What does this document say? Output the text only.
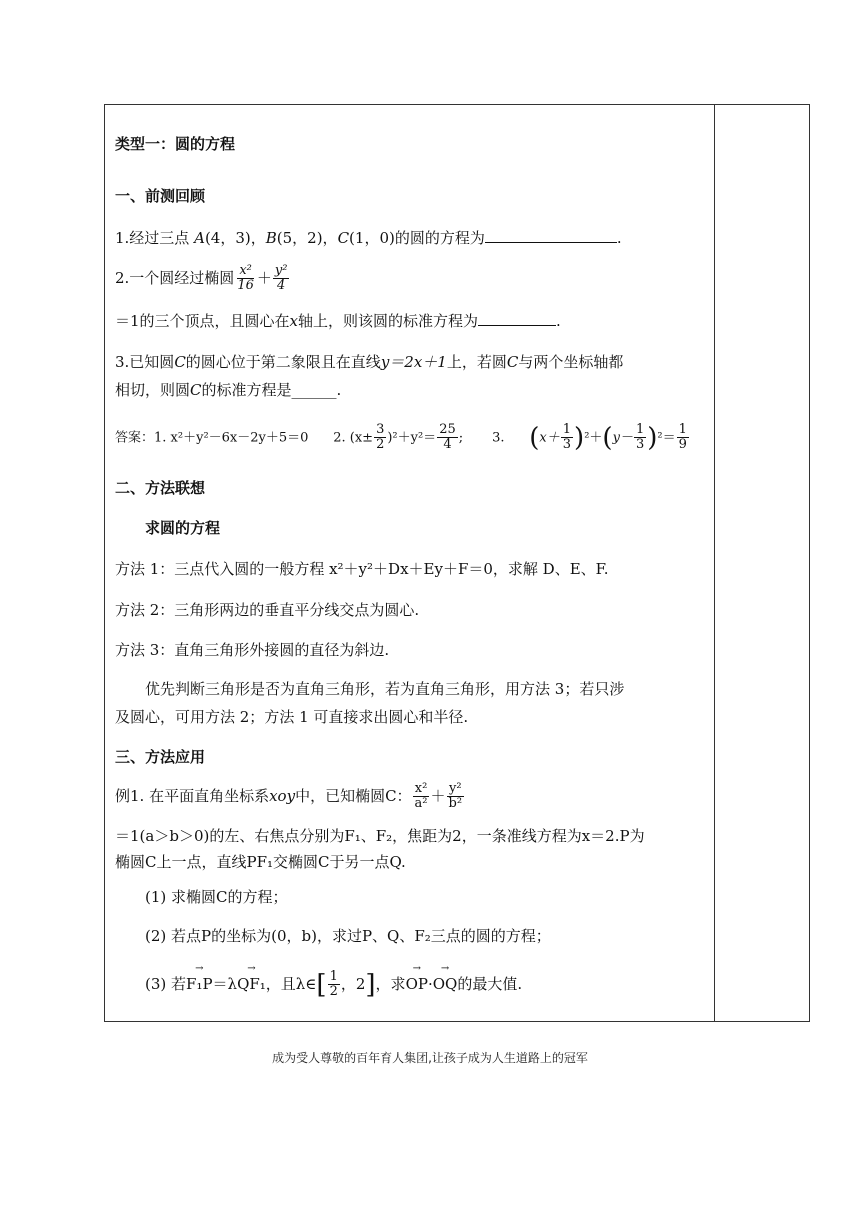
类型一：圆的方程
一、前测回顾
1.经过三点 A(4，3)，B(5，2)，C(1，0)的圆的方程为	.
2.一个圆经过椭圆 $\frac{\text{x²}}{16} + \frac{\text{y²}}{4}$
＝1的三个顶点，且圆心在x轴上，则该圆的标准方程为	.
3.已知圆C的圆心位于第二象限且在直线y＝2x＋1上，若圆C与两个坐标轴都
相切，则圆C的标准方程是______.
答案：1. x²＋y²－6x－2y＋5＝0 2. $(x\pm \frac{3}{2} )^2+y^2= \frac{25}{4}$ ; 3. $(x+ \frac{1}{3} )^2+(y- \frac{1}{3} )^2= \frac{1}{9}$
二、方法联想
求圆的方程
方法 1：三点代入圆的一般方程 x²＋y²＋Dx＋Ey＋F＝0，求解 D、E、F.
方法 2：三角形两边的垂直平分线交点为圆心.
方法 3：直角三角形外接圆的直径为斜边.
优先判断三角形是否为直角三角形，若为直角三角形，用方法 3；若只涉
及圆心，可用方法 2；方法 1 可直接求出圆心和半径.
三、方法应用
例1. 在平面直角坐标系xoy中，已知椭圆C： $\frac{\text{x²}}{\text{a²}} + \frac{\text{y²}}{\text{b²}}$
＝1(a＞b＞0)的左、右焦点分别为F₁、F₂，焦距为2，一条准线方程为x＝2.P为
椭圆C上一点，直线PF₁交椭圆C于另一点Q.
(1) 求椭圆C的方程；
(2) 若点P的坐标为(0，b)，求过P、Q、F₂三点的圆的方程；
(3) 若→ F₁P＝λ→ QF₁，且λ∈[ $\frac{1}{2}$ ，2]，求→ OP·→ OQ的最大值.
成为受人尊敬的百年育人集团,让孩子成为人生道路上的冠军
